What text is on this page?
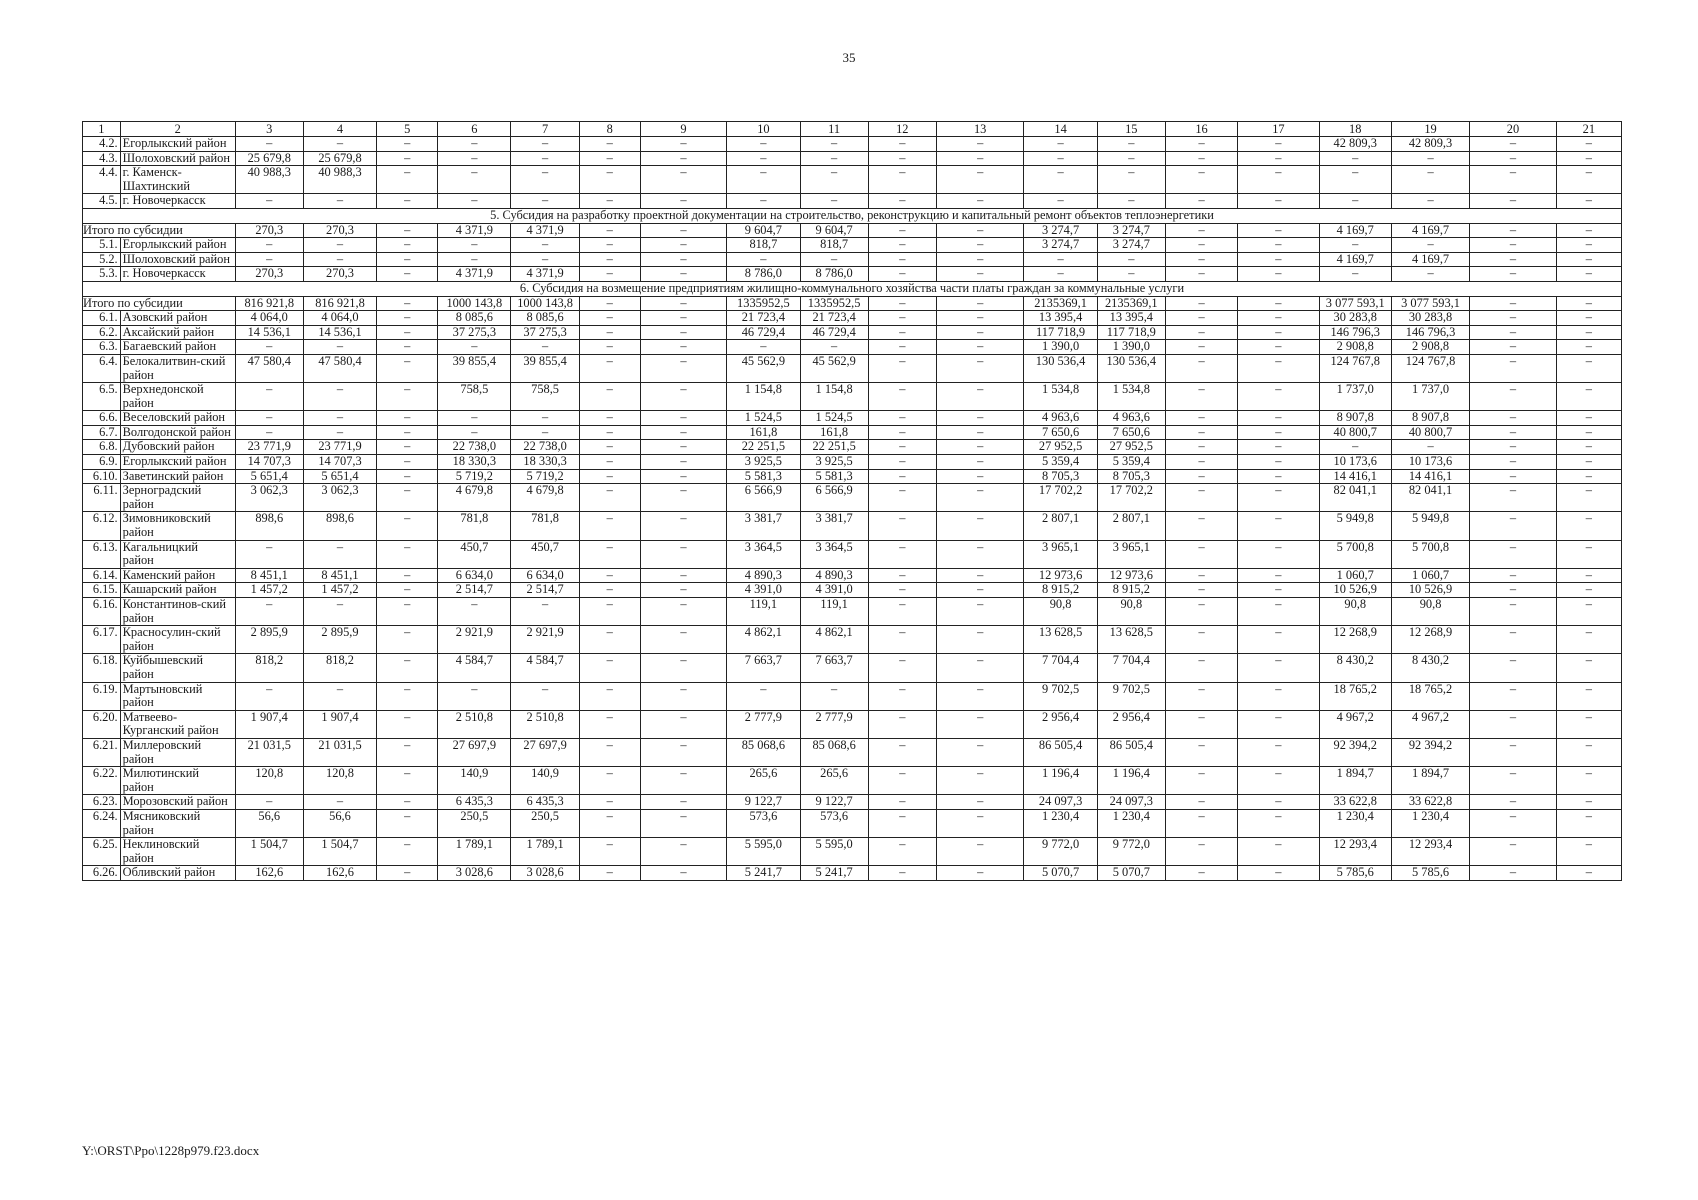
35
1	2	3	4	5	6	7	8	9	10	11	12	13	14	15	16	17	18	19	20	21
4.2.	Егорлыкский район	–	–	–	–	–	–	–	–	–	–	–	–	–	–	–	42 809,3	42 809,3	–	–
4.3.	Шолоховский район	25 679,8	25 679,8	–	–	–	–	–	–	–	–	–	–	–	–	–	–	–	–	–
4.4.	г. Каменск-Шахтинский	40 988,3	40 988,3	–	–	–	–	–	–	–	–	–	–	–	–	–	–	–	–	–
4.5.	г. Новочеркасск	–	–	–	–	–	–	–	–	–	–	–	–	–	–	–	–	–	–	–
5. Субсидия на разработку проектной документации на строительство, реконструкцию и капитальный ремонт объектов теплоэнергетики																				
Итого по субсидии		270,3	270,3	–	4 371,9	4 371,9	–	–	9 604,7	9 604,7	–	–	3 274,7	3 274,7	–	–	4 169,7	4 169,7	–	–
5.1.	Егорлыкский район	–	–	–	–	–	–	–	818,7	818,7	–	–	3 274,7	3 274,7	–	–	–	–	–	–
5.2.	Шолоховский район	–	–	–	–	–	–	–	–	–	–	–	–	–	–	–	4 169,7	4 169,7	–	–
5.3.	г. Новочеркасск	270,3	270,3	–	4 371,9	4 371,9	–	–	8 786,0	8 786,0	–	–	–	–	–	–	–	–	–	–
6. Субсидия на возмещение предприятиям жилищно-коммунального хозяйства части платы граждан за коммунальные услуги																				
Итого по субсидии		816 921,8	816 921,8	–	1000 143,8	1000 143,8	–	–	1335952,5	1335952,5	–	–	2135369,1	2135369,1	–	–	3 077 593,1	3 077 593,1	–	–
6.1.	Азовский район	4 064,0	4 064,0	–	8 085,6	8 085,6	–	–	21 723,4	21 723,4	–	–	13 395,4	13 395,4	–	–	30 283,8	30 283,8	–	–
6.2.	Аксайский район	14 536,1	14 536,1	–	37 275,3	37 275,3	–	–	46 729,4	46 729,4	–	–	117 718,9	117 718,9	–	–	146 796,3	146 796,3	–	–
6.3.	Багаевский район	–	–	–	–	–	–	–	–	–	–	–	1 390,0	1 390,0	–	–	2 908,8	2 908,8	–	–
6.4.	Белокалитвин-ский район	47 580,4	47 580,4	–	39 855,4	39 855,4	–	–	45 562,9	45 562,9	–	–	130 536,4	130 536,4	–	–	124 767,8	124 767,8	–	–
6.5.	Верхнедонской район	–	–	–	758,5	758,5	–	–	1 154,8	1 154,8	–	–	1 534,8	1 534,8	–	–	1 737,0	1 737,0	–	–
6.6.	Веселовский район	–	–	–	–	–	–	–	1 524,5	1 524,5	–	–	4 963,6	4 963,6	–	–	8 907,8	8 907,8	–	–
6.7.	Волгодонской район	–	–	–	–	–	–	–	161,8	161,8	–	–	7 650,6	7 650,6	–	–	40 800,7	40 800,7	–	–
6.8.	Дубовский район	23 771,9	23 771,9	–	22 738,0	22 738,0	–	–	22 251,5	22 251,5	–	–	27 952,5	27 952,5	–	–	–	–	–	–
6.9.	Егорлыкский район	14 707,3	14 707,3	–	18 330,3	18 330,3	–	–	3 925,5	3 925,5	–	–	5 359,4	5 359,4	–	–	10 173,6	10 173,6	–	–
6.10.	Заветинский район	5 651,4	5 651,4	–	5 719,2	5 719,2	–	–	5 581,3	5 581,3	–	–	8 705,3	8 705,3	–	–	14 416,1	14 416,1	–	–
6.11.	Зерноградский район	3 062,3	3 062,3	–	4 679,8	4 679,8	–	–	6 566,9	6 566,9	–	–	17 702,2	17 702,2	–	–	82 041,1	82 041,1	–	–
6.12.	Зимовниковский район	898,6	898,6	–	781,8	781,8	–	–	3 381,7	3 381,7	–	–	2 807,1	2 807,1	–	–	5 949,8	5 949,8	–	–
6.13.	Кагальницкий район	–	–	–	450,7	450,7	–	–	3 364,5	3 364,5	–	–	3 965,1	3 965,1	–	–	5 700,8	5 700,8	–	–
6.14.	Каменский район	8 451,1	8 451,1	–	6 634,0	6 634,0	–	–	4 890,3	4 890,3	–	–	12 973,6	12 973,6	–	–	1 060,7	1 060,7	–	–
6.15.	Кашарский район	1 457,2	1 457,2	–	2 514,7	2 514,7	–	–	4 391,0	4 391,0	–	–	8 915,2	8 915,2	–	–	10 526,9	10 526,9	–	–
6.16.	Константинов-ский район	–	–	–	–	–	–	–	119,1	119,1	–	–	90,8	90,8	–	–	90,8	90,8	–	–
6.17.	Красносулин-ский район	2 895,9	2 895,9	–	2 921,9	2 921,9	–	–	4 862,1	4 862,1	–	–	13 628,5	13 628,5	–	–	12 268,9	12 268,9	–	–
6.18.	Куйбышевский район	818,2	818,2	–	4 584,7	4 584,7	–	–	7 663,7	7 663,7	–	–	7 704,4	7 704,4	–	–	8 430,2	8 430,2	–	–
6.19.	Мартыновский район	–	–	–	–	–	–	–	–	–	–	–	9 702,5	9 702,5	–	–	18 765,2	18 765,2	–	–
6.20.	Матвеево-Курганский район	1 907,4	1 907,4	–	2 510,8	2 510,8	–	–	2 777,9	2 777,9	–	–	2 956,4	2 956,4	–	–	4 967,2	4 967,2	–	–
6.21.	Миллеровский район	21 031,5	21 031,5	–	27 697,9	27 697,9	–	–	85 068,6	85 068,6	–	–	86 505,4	86 505,4	–	–	92 394,2	92 394,2	–	–
6.22.	Милютинский район	120,8	120,8	–	140,9	140,9	–	–	265,6	265,6	–	–	1 196,4	1 196,4	–	–	1 894,7	1 894,7	–	–
6.23.	Морозовский район	–	–	–	6 435,3	6 435,3	–	–	9 122,7	9 122,7	–	–	24 097,3	24 097,3	–	–	33 622,8	33 622,8	–	–
6.24.	Мясниковский район	56,6	56,6	–	250,5	250,5	–	–	573,6	573,6	–	–	1 230,4	1 230,4	–	–	1 230,4	1 230,4	–	–
6.25.	Неклиновский район	1 504,7	1 504,7	–	1 789,1	1 789,1	–	–	5 595,0	5 595,0	–	–	9 772,0	9 772,0	–	–	12 293,4	12 293,4	–	–
6.26.	Обливский район	162,6	162,6	–	3 028,6	3 028,6	–	–	5 241,7	5 241,7	–	–	5 070,7	5 070,7	–	–	5 785,6	5 785,6	–	–
Y:\ORST\Ppo\1228p979.f23.docx
